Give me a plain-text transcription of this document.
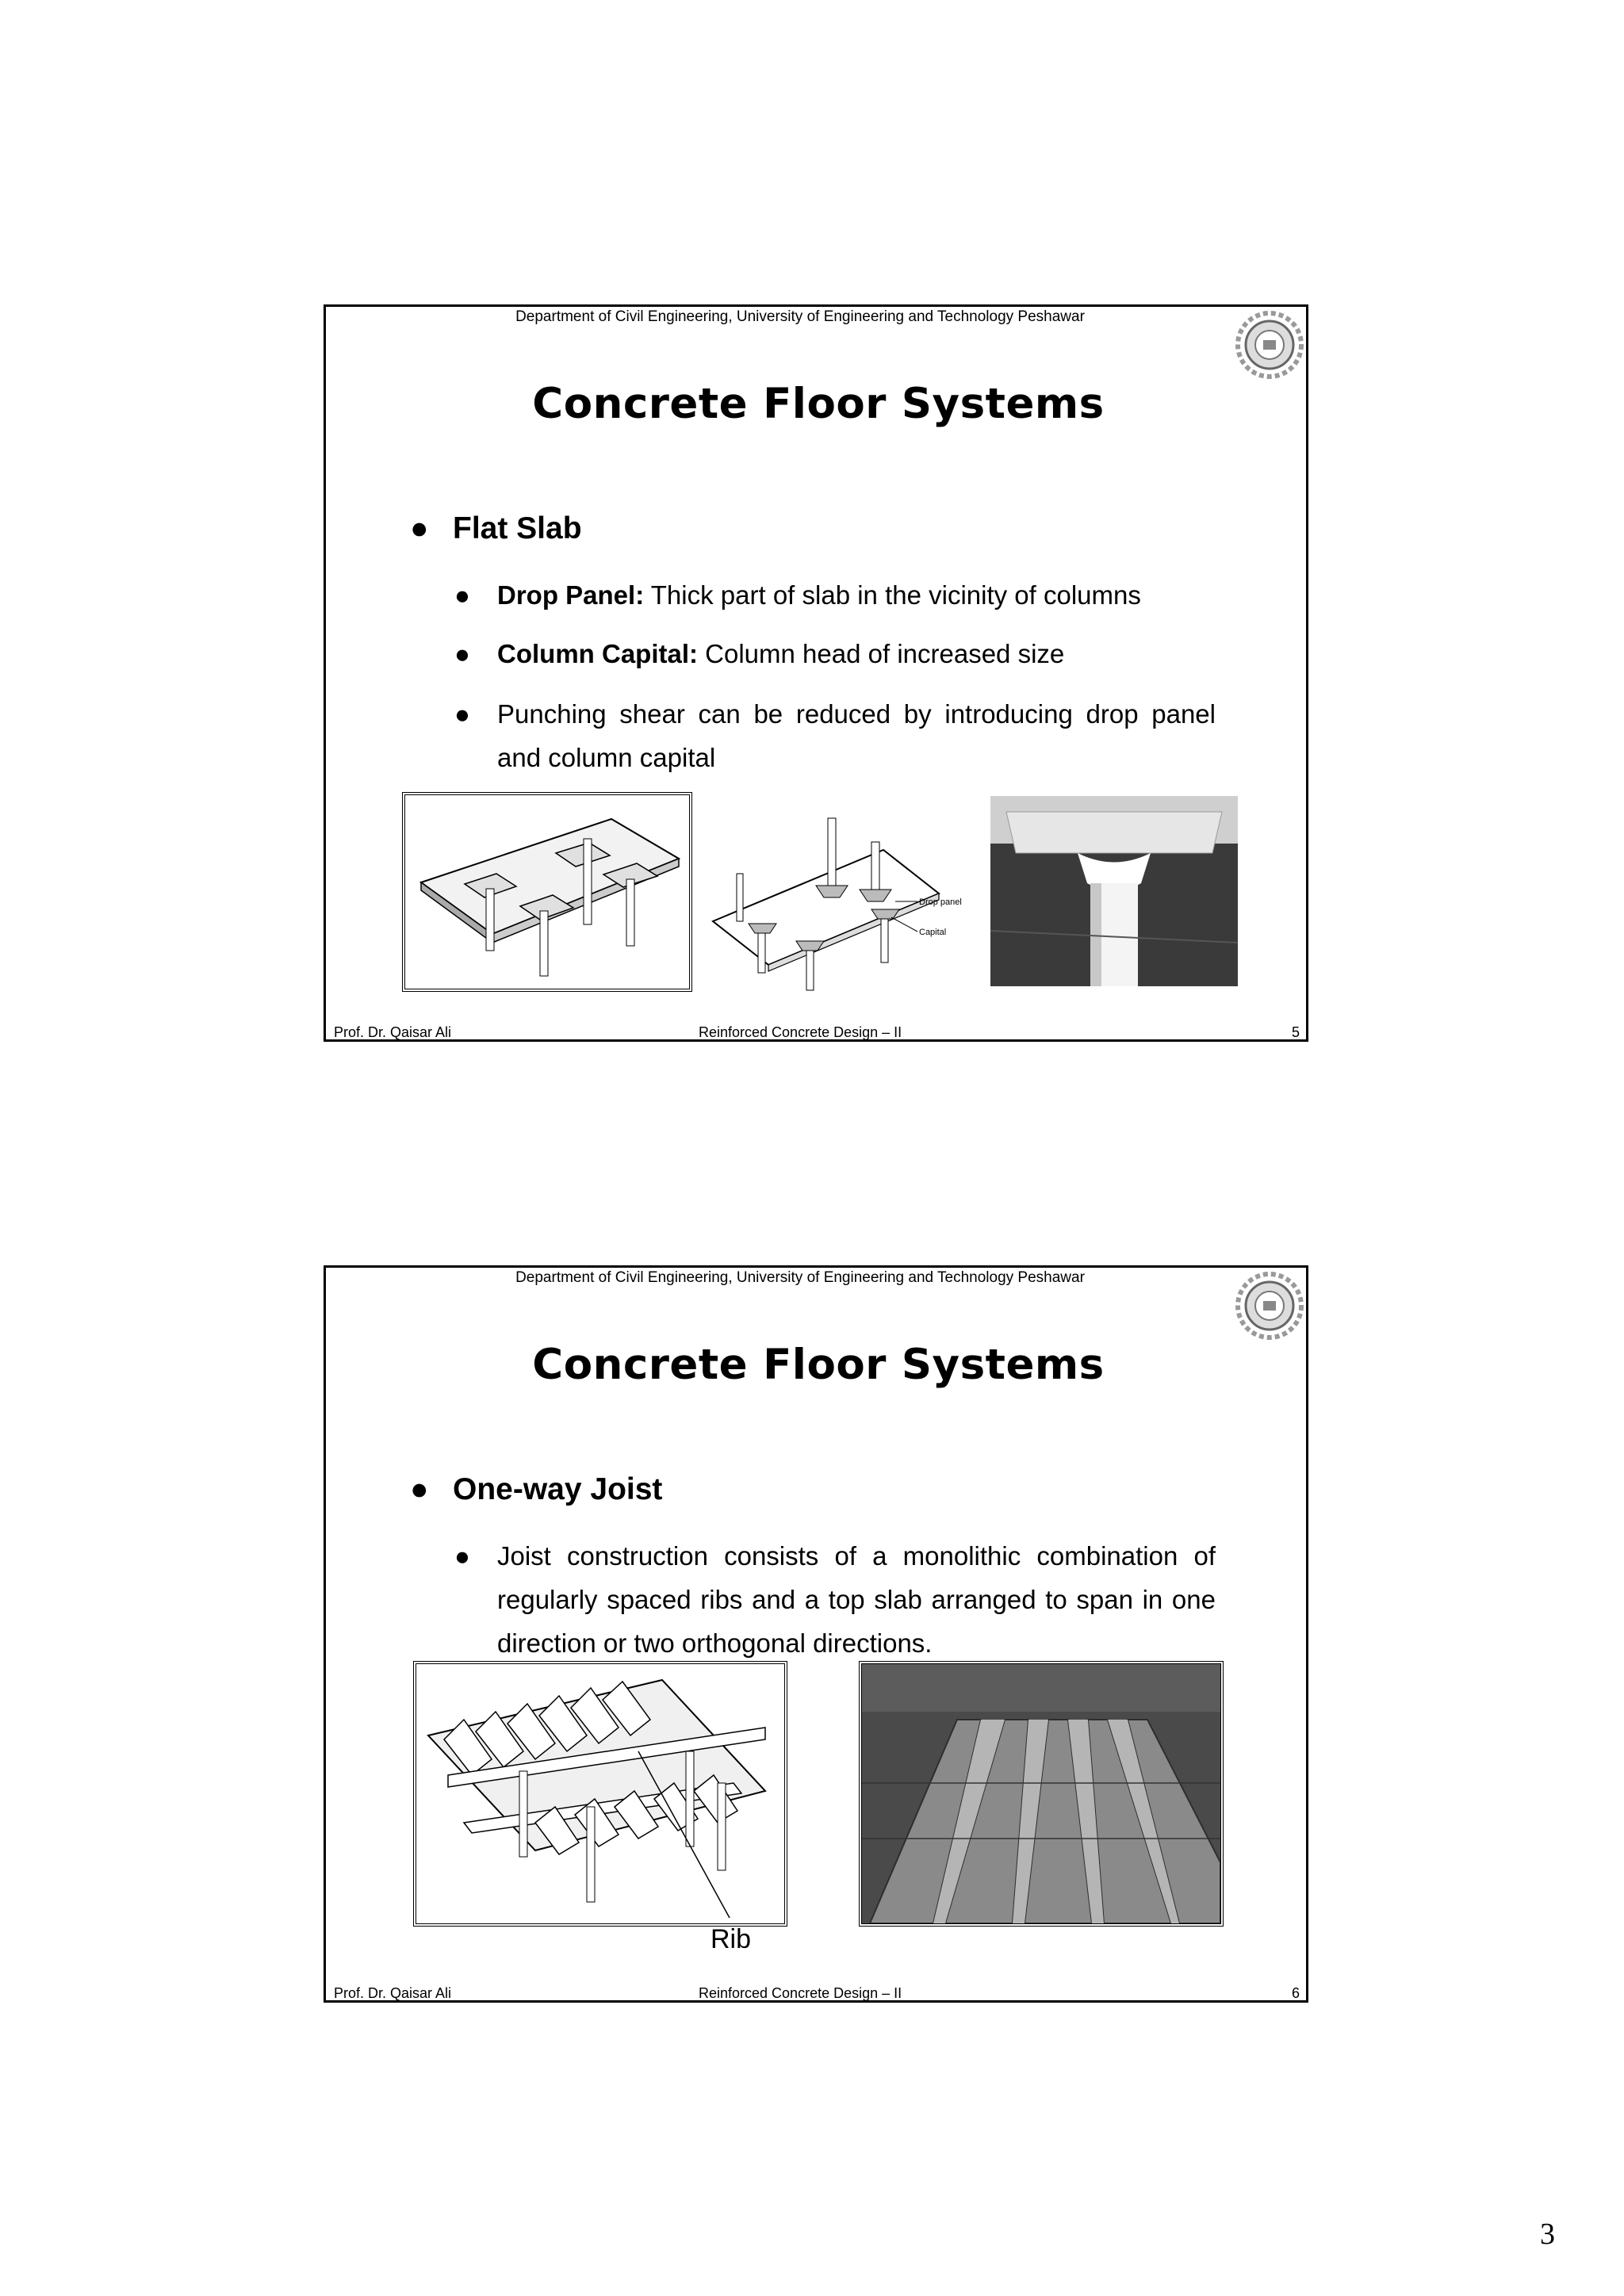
Department of Civil Engineering, University of Engineering and Technology Peshawar
Concrete Floor Systems
● Flat Slab
● Drop Panel: Thick part of slab in the vicinity of columns
● Column Capital: Column head of increased size
● Punching shear can be reduced by introducing drop panel and column capital
Drop panel
Capital
Prof. Dr. Qaisar Ali	Reinforced Concrete Design – II	5
Department of Civil Engineering, University of Engineering and Technology Peshawar
Concrete Floor Systems
● One-way Joist
● Joist construction consists of a monolithic combination of regularly spaced ribs and a top slab arranged to span in one direction or two orthogonal directions.
Rib
Prof. Dr. Qaisar Ali	Reinforced Concrete Design – II	6
3
